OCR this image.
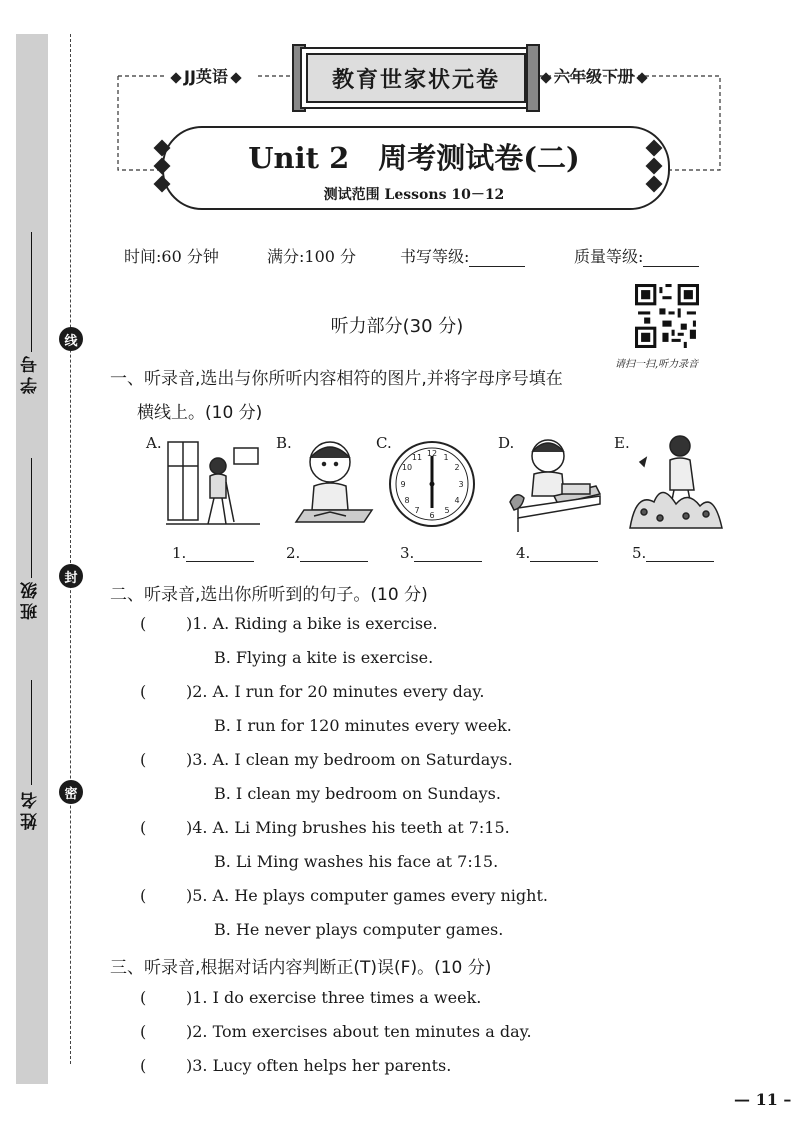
学号
班级
姓名
线
封
密
JJ英语	教育世家状元卷	六年级下册
Unit 2　周考测试卷(二)
测试范围 Lessons 10－12
时间:60 分钟	满分:100 分	书写等级:	质量等级:
听力部分(30 分)
请扫一扫,听力录音
一、听录音,选出与你所听内容相符的图片,并将字母序号填在
横线上。(10 分)
A.	B.	C.
12 1
2
3
4
5
6
7
8
9
10
11
D.	E.
1.	2.	3.	4.	5.
二、听录音,选出你所听到的句子。(10 分)
( )1. A. Riding a bike is exercise.
B. Flying a kite is exercise.
( )2. A. I run for 20 minutes every day.
B. I run for 120 minutes every week.
( )3. A. I clean my bedroom on Saturdays.
B. I clean my bedroom on Sundays.
( )4. A. Li Ming brushes his teeth at 7:15.
B. Li Ming washes his face at 7:15.
( )5. A. He plays computer games every night.
B. He never plays computer games.
三、听录音,根据对话内容判断正(T)误(F)。(10 分)
( )1. I do exercise three times a week.
( )2. Tom exercises about ten minutes a day.
( )3. Lucy often helps her parents.
— 11 –
